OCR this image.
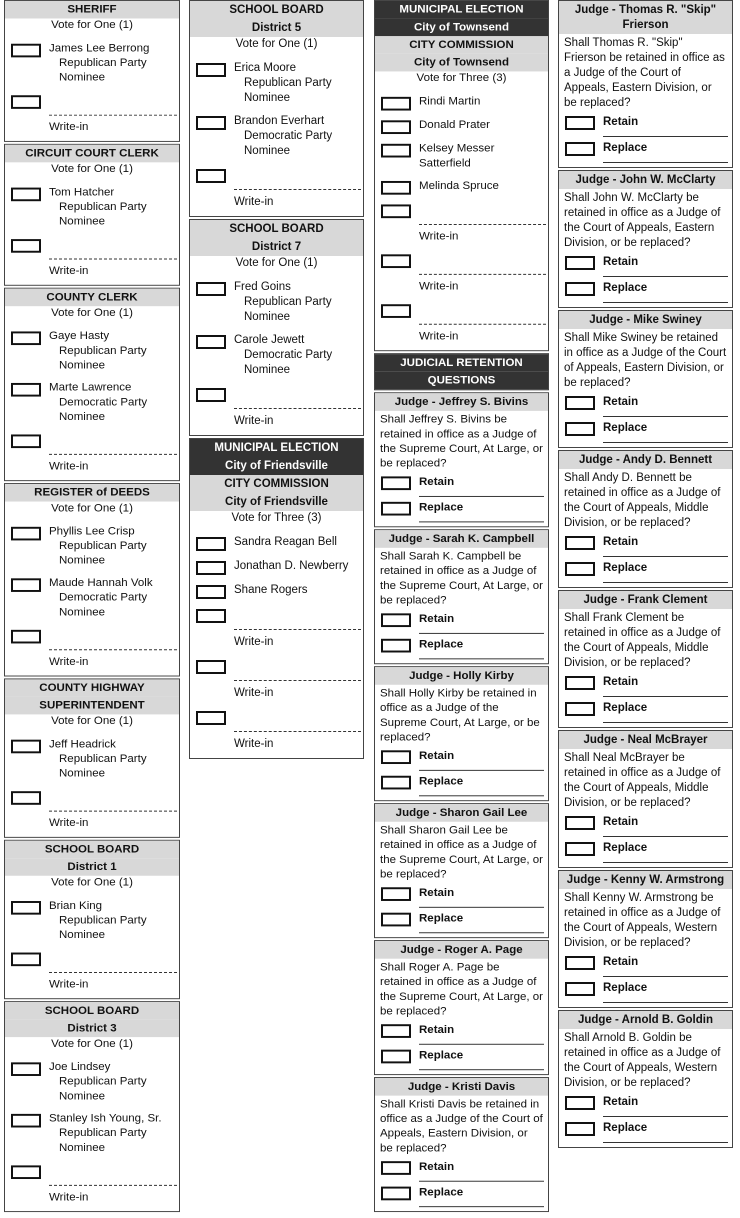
SHERIFF
Vote for One (1)
James Lee Berrong
Republican Party
Nominee
Write-in
CIRCUIT COURT CLERK
Vote for One (1)
Tom Hatcher
Republican Party
Nominee
Write-in
COUNTY CLERK
Vote for One (1)
Gaye Hasty
Republican Party
Nominee
Marte Lawrence
Democratic Party
Nominee
Write-in
REGISTER of DEEDS
Vote for One (1)
Phyllis Lee Crisp
Republican Party
Nominee
Maude Hannah Volk
Democratic Party
Nominee
Write-in
COUNTY HIGHWAY
SUPERINTENDENT
Vote for One (1)
Jeff Headrick
Republican Party
Nominee
Write-in
SCHOOL BOARD
District 1
Vote for One (1)
Brian King
Republican Party
Nominee
Write-in
SCHOOL BOARD
District 3
Vote for One (1)
Joe Lindsey
Republican Party
Nominee
Stanley Ish Young, Sr.
Republican Party
Nominee
Write-in
SCHOOL BOARD
District 5
Vote for One (1)
Erica Moore
Republican Party
Nominee
Brandon Everhart
Democratic Party
Nominee
Write-in
SCHOOL BOARD
District 7
Vote for One (1)
Fred Goins
Republican Party
Nominee
Carole Jewett
Democratic Party
Nominee
Write-in
MUNICIPAL ELECTION
City of Friendsville
CITY COMMISSION
City of Friendsville
Vote for Three (3)
Sandra Reagan Bell
Jonathan D. Newberry
Shane Rogers
Write-in
Write-in
Write-in
MUNICIPAL ELECTION
City of Townsend
CITY COMMISSION
City of Townsend
Vote for Three (3)
Rindi Martin
Donald Prater
Kelsey Messer Satterfield
Melinda Spruce
Write-in
Write-in
Write-in
JUDICIAL RETENTION
QUESTIONS
Judge - Jeffrey S. Bivins
Shall Jeffrey S. Bivins be retained in office as a Judge of the Supreme Court, At Large, or be replaced?
Retain
Replace
Judge - Sarah K. Campbell
Shall Sarah K. Campbell be retained in office as a Judge of the Supreme Court, At Large, or be replaced?
Retain
Replace
Judge - Holly Kirby
Shall Holly Kirby be retained in office as a Judge of the Supreme Court, At Large, or be replaced?
Retain
Replace
Judge - Sharon Gail Lee
Shall Sharon Gail Lee be retained in office as a Judge of the Supreme Court, At Large, or be replaced?
Retain
Replace
Judge - Roger A. Page
Shall Roger A. Page be retained in office as a Judge of the Supreme Court, At Large, or be replaced?
Retain
Replace
Judge - Kristi Davis
Shall Kristi Davis be retained in office as a Judge of the Court of Appeals, Eastern Division, or be replaced?
Retain
Replace
Judge - Thomas R. "Skip" Frierson
Shall Thomas R. "Skip" Frierson be retained in office as a Judge of the Court of Appeals, Eastern Division, or be replaced?
Retain
Replace
Judge - John W. McClarty
Shall John W. McClarty be retained in office as a Judge of the Court of Appeals, Eastern Division, or be replaced?
Retain
Replace
Judge - Mike Swiney
Shall Mike Swiney be retained in office as a Judge of the Court of Appeals, Eastern Division, or be replaced?
Retain
Replace
Judge - Andy D. Bennett
Shall Andy D. Bennett be retained in office as a Judge of the Court of Appeals, Middle Division, or be replaced?
Retain
Replace
Judge - Frank Clement
Shall Frank Clement be retained in office as a Judge of the Court of Appeals, Middle Division, or be replaced?
Retain
Replace
Judge - Neal McBrayer
Shall Neal McBrayer be retained in office as a Judge of the Court of Appeals, Middle Division, or be replaced?
Retain
Replace
Judge - Kenny W. Armstrong
Shall Kenny W. Armstrong be retained in office as a Judge of the Court of Appeals, Western Division, or be replaced?
Retain
Replace
Judge - Arnold B. Goldin
Shall Arnold B. Goldin be retained in office as a Judge of the Court of Appeals, Western Division, or be replaced?
Retain
Replace
